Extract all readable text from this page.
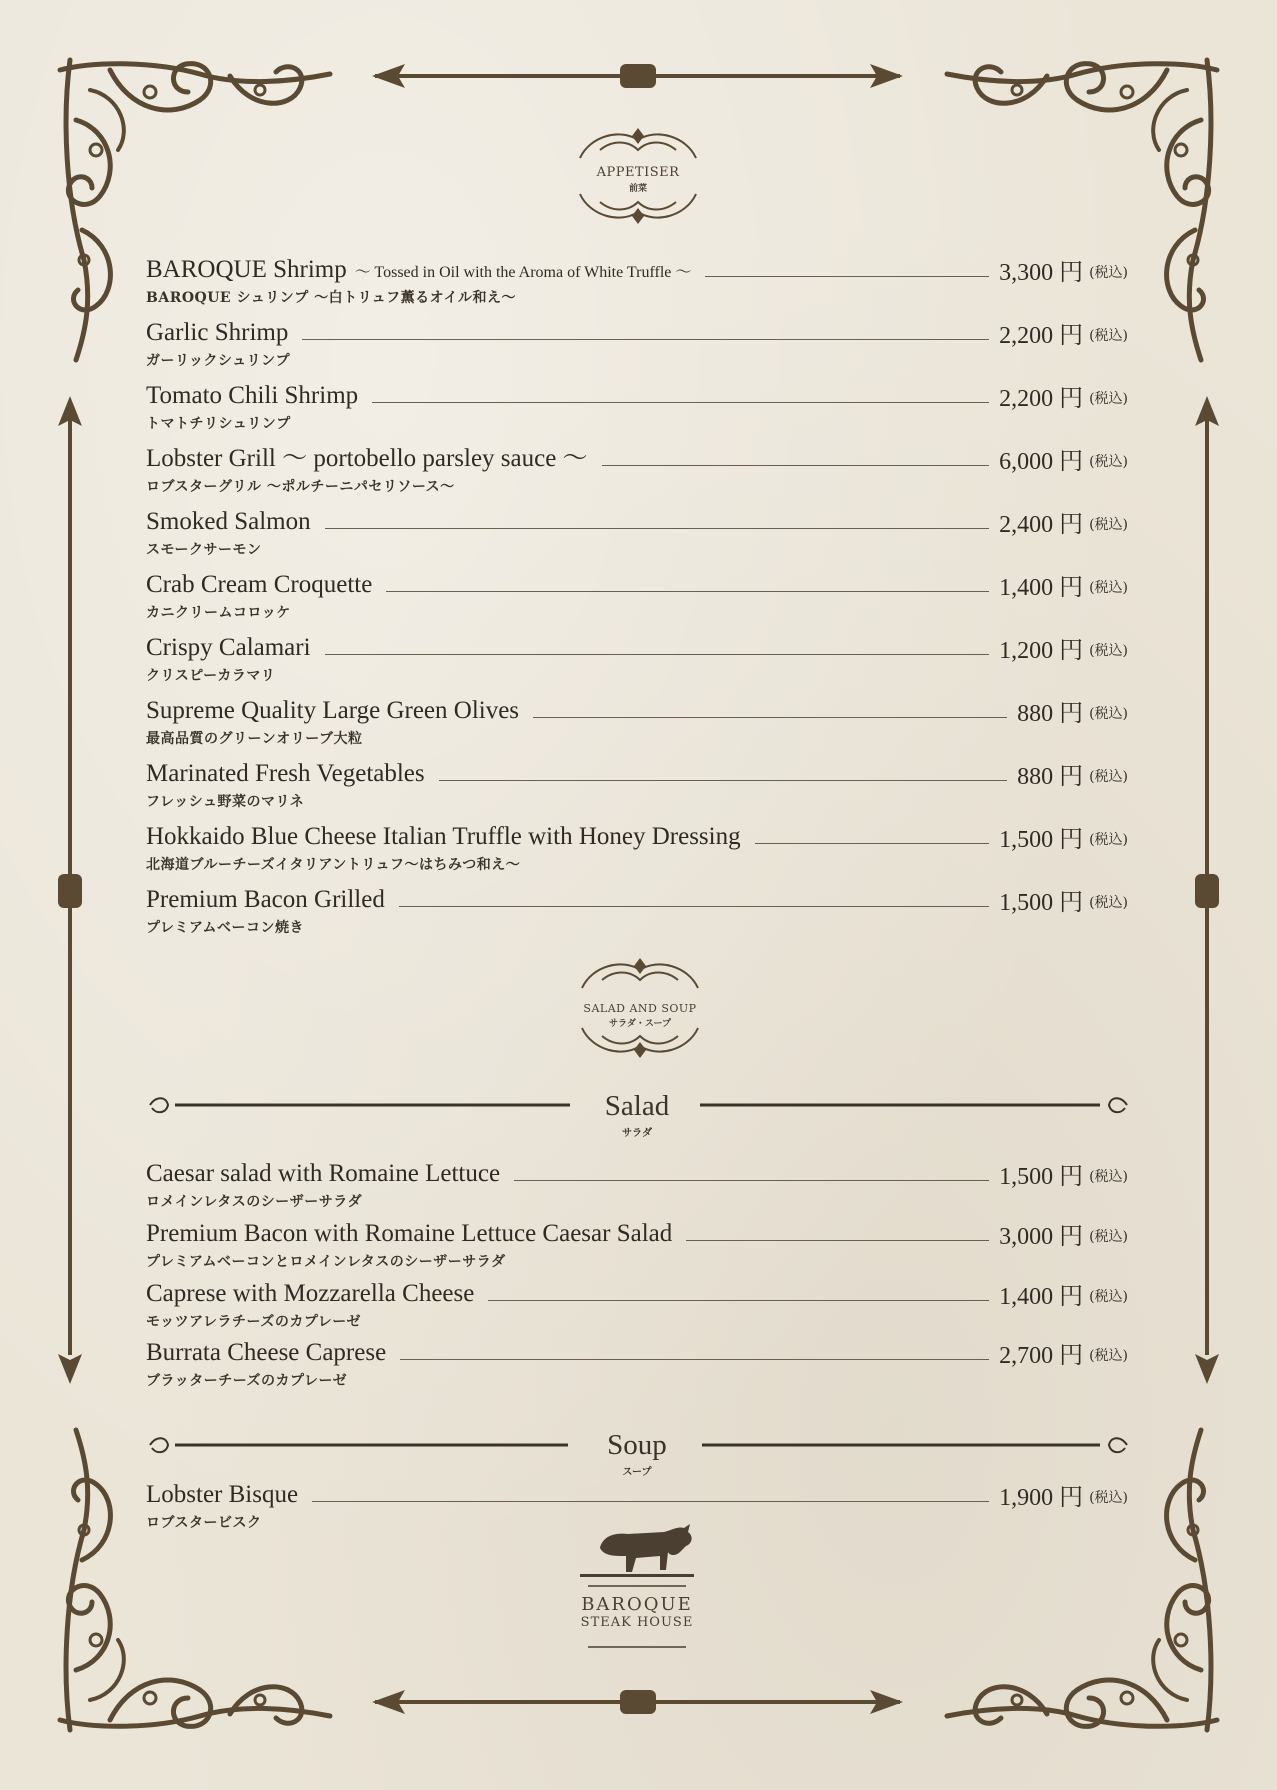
APPETISER
前菜
BAROQUE Shrimp ～ Tossed in Oil with the Aroma of White Truffle ～	3,300 円 (税込)
BAROQUE シュリンプ ～白トリュフ薫るオイル和え～
Garlic Shrimp	2,200 円 (税込)
ガーリックシュリンプ
Tomato Chili Shrimp	2,200 円 (税込)
トマトチリシュリンプ
Lobster Grill ～ portobello parsley sauce ～	6,000 円 (税込)
ロブスターグリル ～ポルチーニパセリソース～
Smoked Salmon	2,400 円 (税込)
スモークサーモン
Crab Cream Croquette	1,400 円 (税込)
カニクリームコロッケ
Crispy Calamari	1,200 円 (税込)
クリスピーカラマリ
Supreme Quality Large Green Olives	880 円 (税込)
最高品質のグリーンオリーブ大粒
Marinated Fresh Vegetables	880 円 (税込)
フレッシュ野菜のマリネ
Hokkaido Blue Cheese Italian Truffle with Honey Dressing	1,500 円 (税込)
北海道ブルーチーズイタリアントリュフ～はちみつ和え～
Premium Bacon Grilled	1,500 円 (税込)
プレミアムベーコン焼き
SALAD AND SOUP
サラダ・スープ
Salad
サラダ
Caesar salad with Romaine Lettuce	1,500 円 (税込)
ロメインレタスのシーザーサラダ
Premium Bacon with Romaine Lettuce Caesar Salad	3,000 円 (税込)
プレミアムベーコンとロメインレタスのシーザーサラダ
Caprese with Mozzarella Cheese	1,400 円 (税込)
モッツアレラチーズのカプレーゼ
Burrata Cheese Caprese	2,700 円 (税込)
ブラッターチーズのカプレーゼ
Soup
スープ
Lobster Bisque	1,900 円 (税込)
ロブスタービスク
BAROQUE
STEAK HOUSE
